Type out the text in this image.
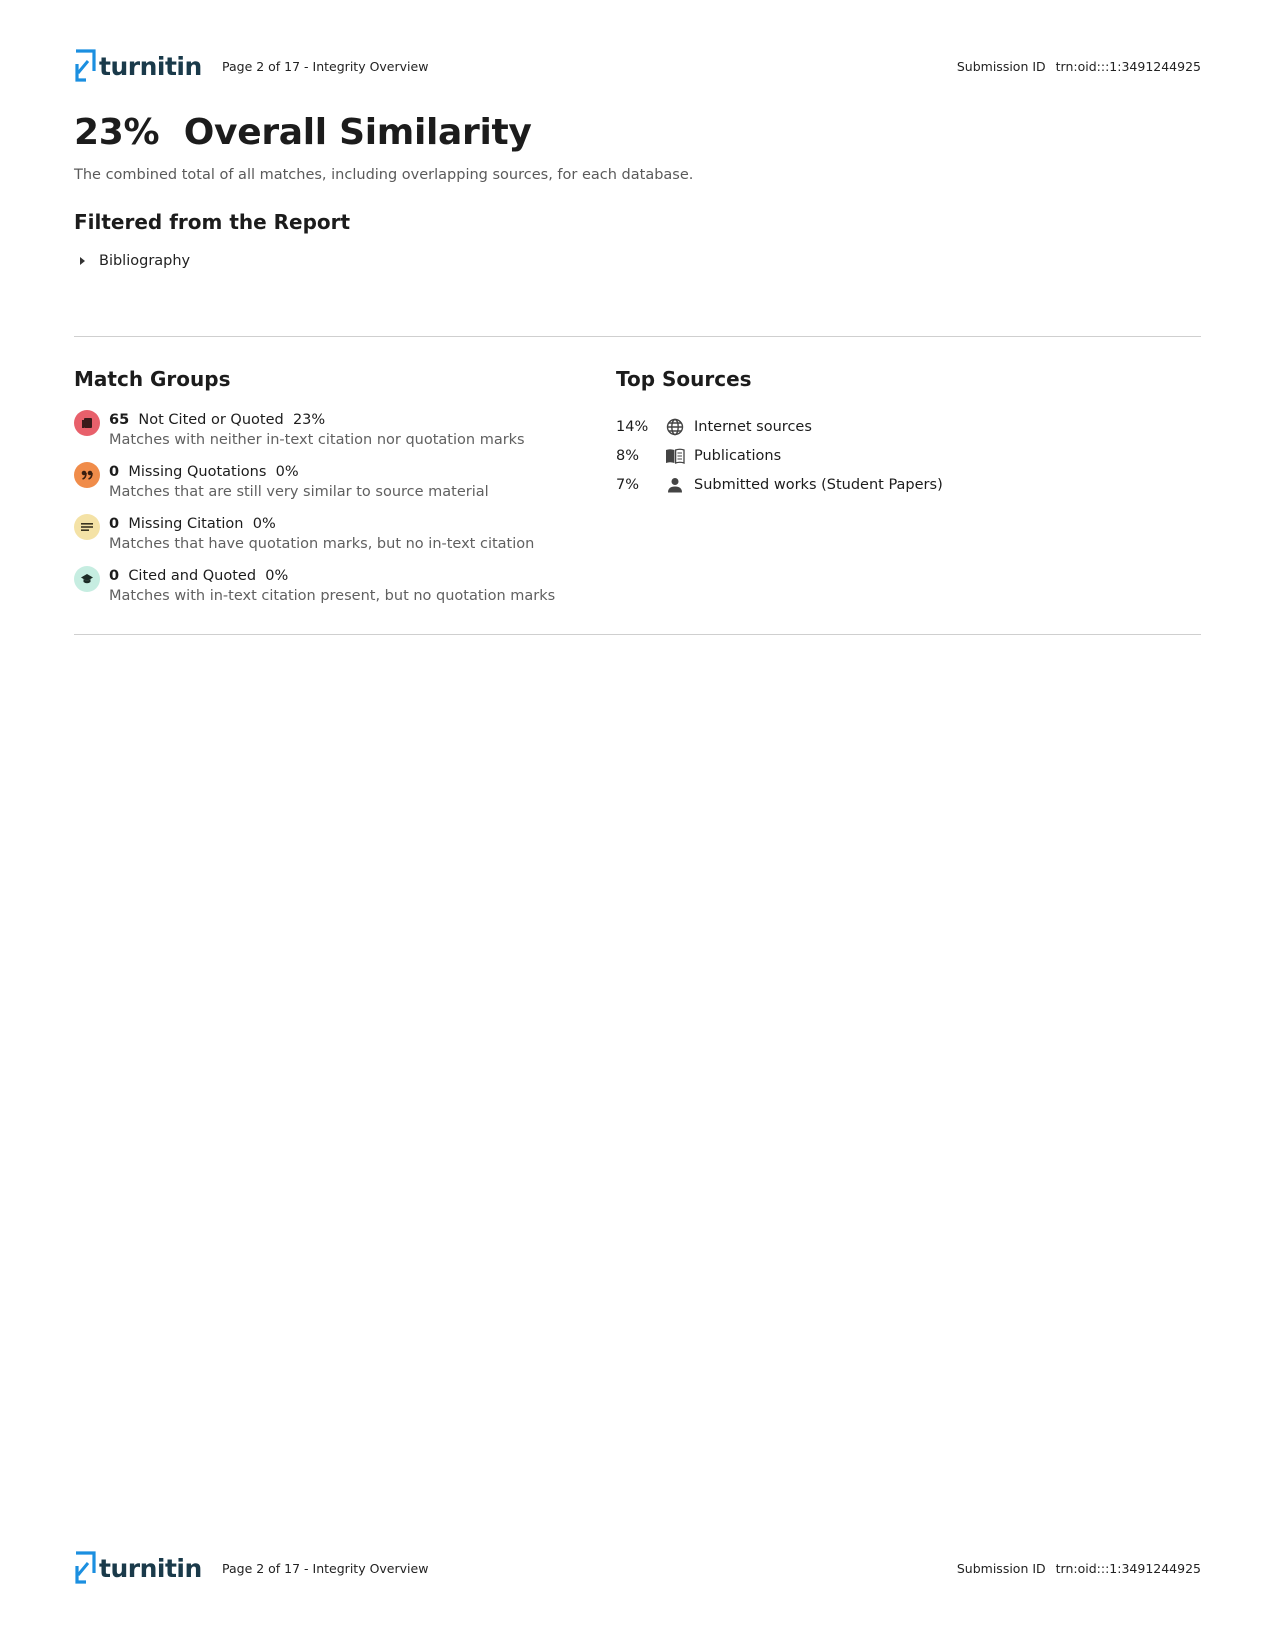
turnitin Page 2 of 17 - Integrity Overview	Submission ID trn:oid:::1:3491244925
23%  Overall Similarity

The combined total of all matches, including overlapping sources, for each database.

Filtered from the Report
Bibliography
Match Groups
65 Not Cited or Quoted 23%
Matches with neither in-text citation nor quotation marks
0 Missing Quotations 0%
Matches that are still very similar to source material
0 Missing Citation 0%
Matches that have quotation marks, but no in-text citation
0 Cited and Quoted 0%
Matches with in-text citation present, but no quotation marks
Top Sources
14%	Internet sources
8%	Publications
7%	Submitted works (Student Papers)
turnitin Page 2 of 17 - Integrity Overview	Submission ID trn:oid:::1:3491244925
